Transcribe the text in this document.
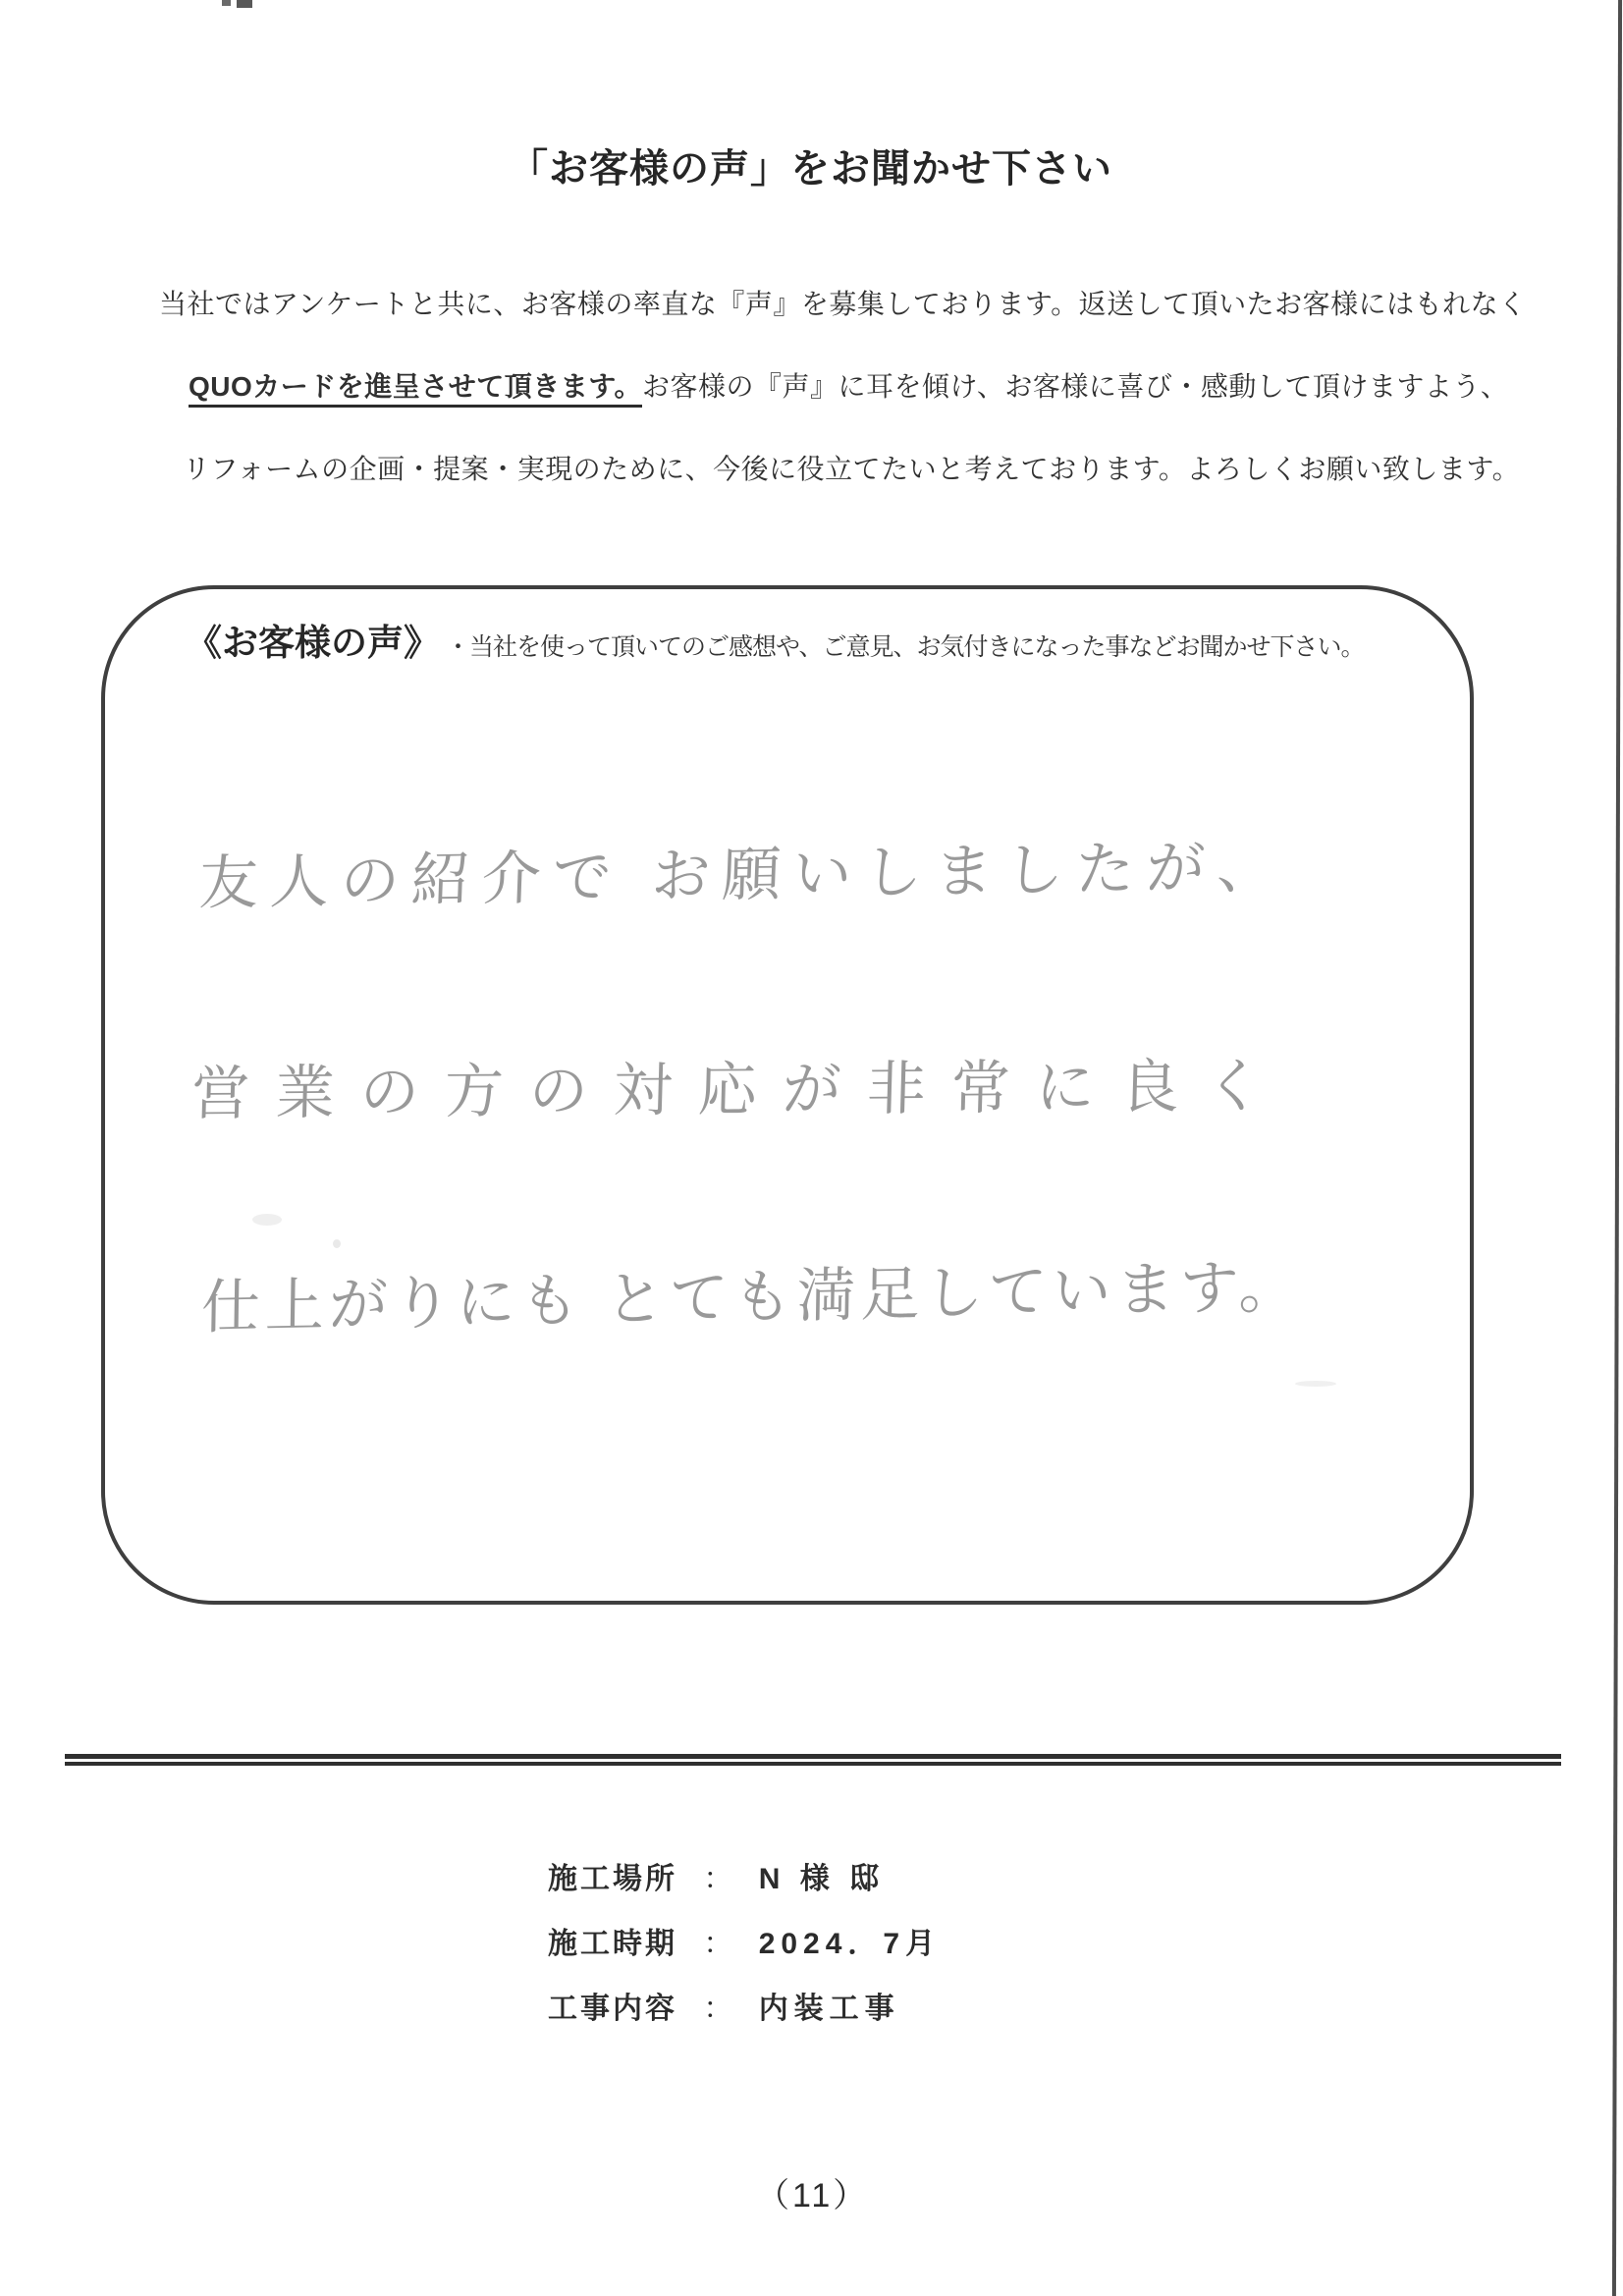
「お客様の声」をお聞かせ下さい
当社ではアンケートと共に、お客様の率直な『声』を募集しております。返送して頂いたお客様にはもれなく
QUOカードを進呈させて頂きます。お客様の『声』に耳を傾け、お客様に喜び・感動して頂けますよう、
リフォームの企画・提案・実現のために、今後に役立てたいと考えております。よろしくお願い致します。
《お客様の声》 ・当社を使って頂いてのご感想や、ご意見、お気付きになった事などお聞かせ下さい。
友人の紹介で お願いしましたが、
営業の方の対応が非常に良く
仕上がりにも とても満足しています。
施工場所 ： N 様 邸
施工時期 ： 2024．7月
工事内容 ： 内装工事
（11）
